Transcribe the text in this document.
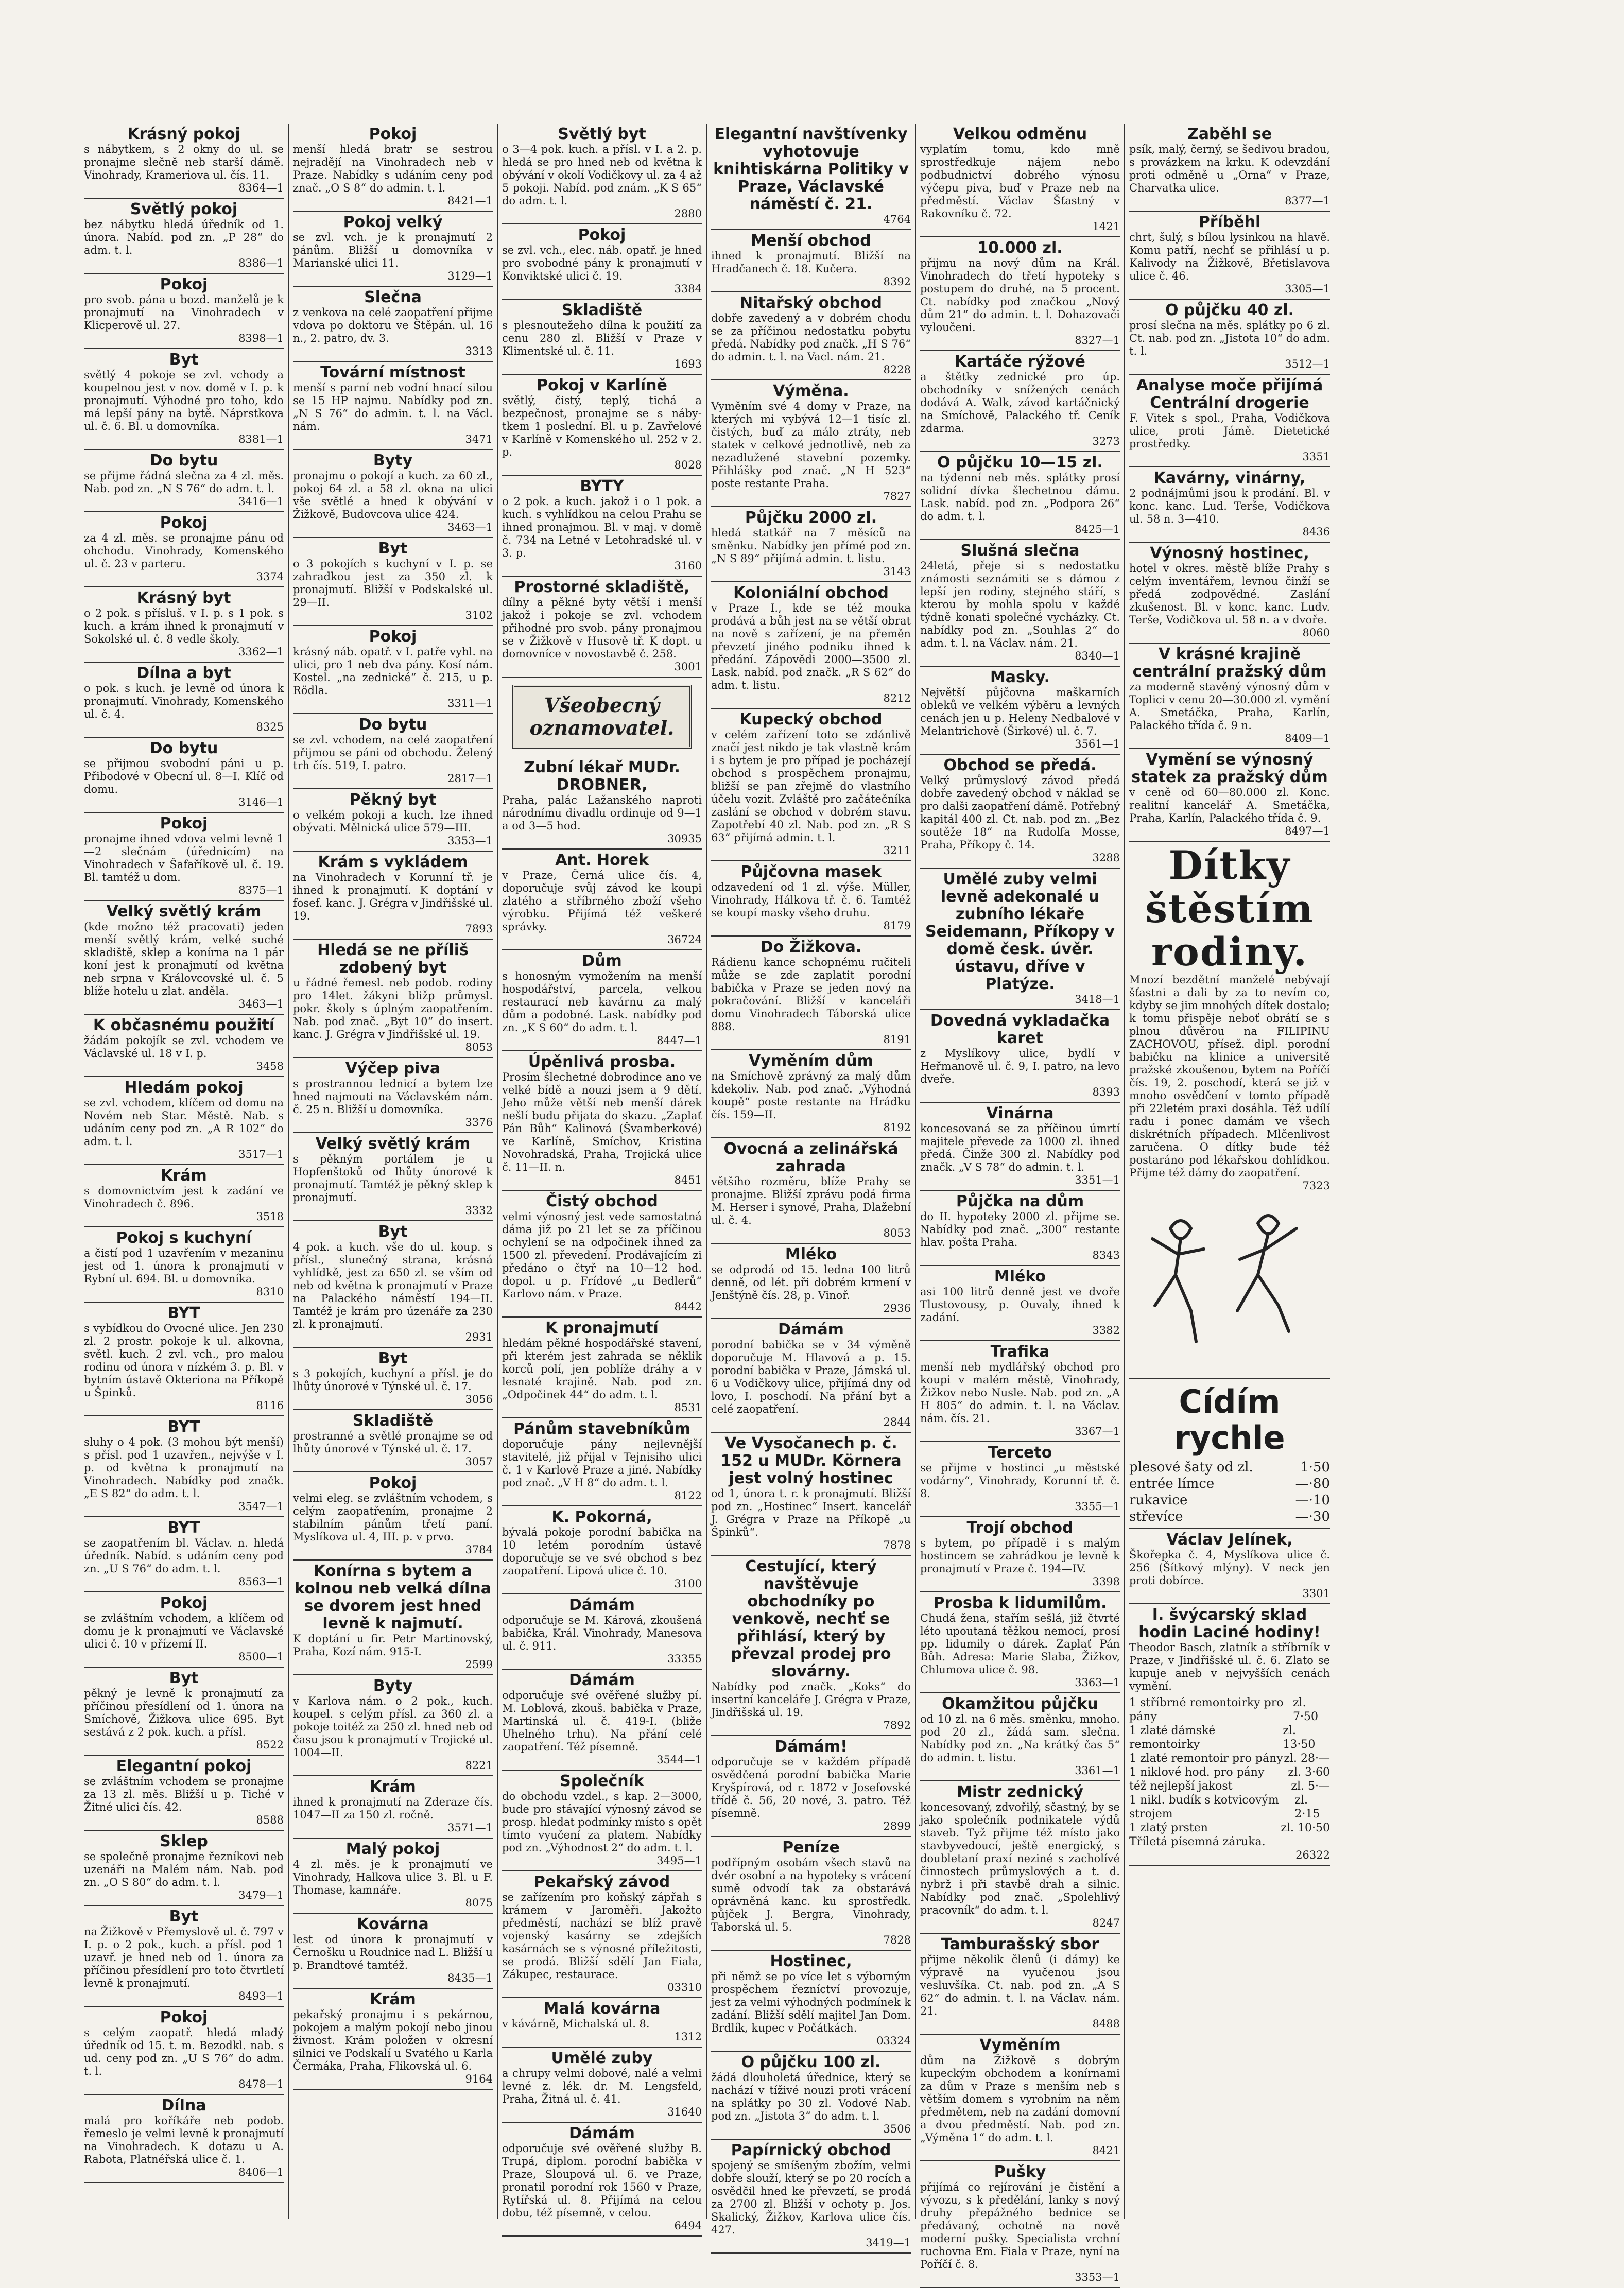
Krásný pokoj

s nábytkem, s 2 okny do ul. se pronajme slečně neb starší dámě. Vinohrady, Krameriova ul. čís. 11.

8364—1
Světlý pokoj

bez nábytku hledá úředník od 1. února. Nabíd. pod zn. „P 28“ do adm. t. l.

8386—1
Pokoj

pro svob. pána u bozd. manželů je k pronajmutí na Vinohradech v Klicperově ul. 27.

8398—1
Byt

světlý 4 pokoje se zvl. vchody a koupelnou jest v nov. domě v I. p. k pronajmutí. Výhodné pro toho, kdo má lepší pány na bytě. Náprstkova ul. č. 6. Bl. u domovníka.

8381—1
Do bytu

se přijme řádná slečna za 4 zl. měs. Nab. pod zn. „N S 76“ do adm. t. l.

3416—1
Pokoj

za 4 zl. měs. se pronajme pánu od ohchodu. Vinohrady, Komenského ul. č. 23 v parteru.

3374
Krásný byt

o 2 pok. s přísluš. v I. p. s 1 pok. s kuch. a krám ihned k pronajmutí v Sokolské ul. č. 8 vedle školy.

3362—1
Dílna a byt

o pok. s kuch. je levně od února k pronajmutí. Vinohrady, Komenského ul. č. 4.

8325
Do bytu

se přijmou svobodní páni u p. Přibodové v Obecní ul. 8—I. Klíč od domu.

3146—1
Pokoj

pronajme ihned vdova velmi levně 1—2 slečnám (úřednicím) na Vinohradech v Šafaříkově ul. č. 19. Bl. tamtéž u dom.

8375—1
Velký světlý krám

(kde možno též pracovati) jeden menší světlý krám, velké suché skladiště, sklep a konírna na 1 pár koní jest k pronajmutí od května neb srpna v Královcovské ul. č. 5 blíže hotelu u zlat. anděla.

3463—1
K občasnému použití

žádám pokojík se zvl. vchodem ve Václavské ul. 18 v I. p.

3458
Hledám pokoj

se zvl. vchodem, klíčem od domu na Novém neb Star. Městě. Nab. s udáním ceny pod zn. „A R 102“ do adm. t. l.

3517—1
Krám

s domovnictvím jest k zadání ve Vinohradech č. 896.

3518
Pokoj s kuchyní

a čistí pod 1 uzavřením v mezaninu jest od 1. února k pronajmutí v Rybní ul. 694. Bl. u domovníka.

8310
BYT

s vybídkou do Ovocné ulice. Jen 230 zl. 2 prostr. pokoje k ul. alkovna, světl. kuch. 2 zvl. vch., pro malou rodinu od února v nízkém 3. p. Bl. v bytním ústavě Okteriona na Příkopě u Špinků.

8116
BYT

sluhy o 4 pok. (3 mohou být menší) s přísl. pod 1 uzavřen., nejvýše v I. p. od května k pronajmutí na Vinohradech. Nabídky pod značk. „E S 82“ do adm. t. l.

3547—1
BYT

se zaopatřením bl. Václav. n. hledá úředník. Nabíd. s udáním ceny pod zn. „U S 76“ do adm. t. l.

8563—1
Pokoj

se zvláštním vchodem, a klíčem od domu je k pronajmutí ve Václavské ulici č. 10 v přízemí II.

8500—1
Byt

pěkný je levně k pronajmutí za příčinou přesídlení od 1. února na Smíchově, Žižkova ulice 695. Byt sestává z 2 pok. kuch. a přísl.

8522
Elegantní pokoj

se zvláštním vchodem se pronajme za 13 zl. měs. Bližší u p. Tiché v Žitné ulici čís. 42.

8588
Sklep

se společně pronajme řezníkovi neb uzenáři na Malém nám. Nab. pod zn. „O S 80“ do adm. t. l.

3479—1
Byt

na Žižkově v Přemyslově ul. č. 797 v I. p. o 2 pok., kuch. a přísl. pod 1 uzavř. je hned neb od 1. února za příčinou přesídlení pro toto čtvrtletí levně k pronajmutí.

8493—1
Pokoj

s celým zaopatř. hledá mladý úředník od 15. t. m. Bezodkl. nab. s ud. ceny pod zn. „U S 76“ do adm. t. l.

8478—1
Dílna

malá pro koříkáře neb podob. řemeslo je velmi levně k pronajmutí na Vinohradech. K dotazu u A. Rabota, Platnéřská ulice č. 1.

8406—1
Pokoj

menší hledá bratr se sestrou nejradějí na Vinohradech neb v Praze. Nabídky s udáním ceny pod znač. „O S 8“ do admin. t. l.

8421—1
Pokoj velký

se zvl. vch. je k pronajmutí 2 pánům. Bližší u domovníka v Marianské ulici 11.

3129—1
Slečna

z venkova na celé zaopatření přijme vdova po doktoru ve Štěpán. ul. 16 n., 2. patro, dv. 3.

3313
Tovární místnost

menší s parní neb vodní hnací silou se 15 HP najmu. Nabídky pod zn. „N S 76“ do admin. t. l. na Václ. nám.

3471
Byty

pronajmu o pokojí a kuch. za 60 zl., pokoj 64 zl. a 58 zl. okna na ulici vše světlé a hned k obývání v Žižkově, Budovcova ulice 424.

3463—1
Byt

o 3 pokojích s kuchyní v I. p. se zahradkou jest za 350 zl. k pronajmutí. Bližší v Podskalské ul. 29—II.

3102
Pokoj

krásný náb. opatř. v I. patře vyhl. na ulici, pro 1 neb dva pány. Kosí nám. Kostel. „na zednické“ č. 215, u p. Rödla.

3311—1
Do bytu

se zvl. vchodem, na celé zaopatření přijmou se páni od obchodu. Želený trh čís. 519, I. patro.

2817—1
Pěkný byt

o velkém pokoji a kuch. lze ihned obývati. Mělnická ulice 579—III.

3353—1
Krám s vykládem

na Vinohradech v Korunní tř. je ihned k pronajmutí. K doptání v fosef. kanc. J. Grégra v Jindřišské ul. 19.

7893
Hledá se ne příliš zdobený byt

u řádné řemesl. neb podob. rodiny pro 14let. žákyni bližp průmysl. pokr. školy s úplným zaopatřením. Nab. pod znač. „Byt 10“ do insert. kanc. J. Grégra v Jindřišské ul. 19.

8053
Výčep piva

s prostrannou lednicí a bytem lze hned najmouti na Václavském nám. č. 25 n. Bližší u domovníka.

3376
Velký světlý krám

s pěkným portálem je u Hopfenštoků od lhůty únorové k pronajmutí. Tamtéž je pěkný sklep k pronajmutí.

3332
Byt

4 pok. a kuch. vše do ul. koup. s přísl., slunečný strana, krásná vyhlídkě, jest za 650 zl. se vším od neb od května k pronajmutí v Praze na Palackého náměstí 194—II. Tamtéž je krám pro úzenáře za 230 zl. k pronajmutí.

2931
Byt

s 3 pokojích, kuchyní a přísl. je do lhůty únorové v Týnské ul. č. 17.

3056
Skladiště

prostranné a světlé pronajme se od lhůty únorové v Týnské ul. č. 17.

3057
Pokoj

velmi eleg. se zvláštním vchodem, s celým zaopatřením, pronajme 2 stabilním pánům třetí paní. Myslíkova ul. 4, III. p. v prvo.

3784
Konírna s bytem a kolnou neb velká dílna se dvorem jest hned levně k najmutí.

K doptání u fir. Petr Martinovský, Praha, Kozí nám. 915-I.

2599
Byty

v Karlova nám. o 2 pok., kuch. koupel. s celým přísl. za 360 zl. a pokoje toitéž za 250 zl. hned neb od času jsou k pronajmutí v Trojické ul. 1004—II.

8221
Krám

ihned k pronajmutí na Zderaze čís. 1047—II za 150 zl. ročně.

3571—1
Malý pokoj

4 zl. měs. je k pronajmutí ve Vinohrady, Halkova ulice 3. Bl. u F. Thomase, kamnáře.

8075
Kovárna

lest od února k pronajmutí v Černošku u Roudnice nad L. Bližší u p. Brandtové tamtéž.

8435—1
Krám

pekařský pronajmu i s pekárnou, pokojem a malým pokojí nebo jinou živnost. Krám položen v okresní silnici ve Podskalí u Svatého u Karla Čermáka, Praha, Flikovská ul. 6.

9164
Světlý byt

o 3—4 pok. kuch. a přísl. v I. a 2. p. hledá se pro hned neb od května k obývání v okolí Vodičkovy ul. za 4 až 5 pokoji. Nabíd. pod znám. „K S 65“ do adm. t. l.

2880
Pokoj

se zvl. vch., elec. náb. opatř. je hned pro svobodné pány k pronajmutí v Konviktské ulici č. 19.

3384
Skladiště

s plesnoutežeho dílna k použití za cenu 280 zl. Bližší v Praze v Klimentské ul. č. 11.

1693
Pokoj v Karlíně

světlý, čistý, teplý, tichá a bezpečnost, pronajme se s nábytkem 1 poslední. Bl. u p. Zavřelové v Karlíně v Komenského ul. 252 v 2. p.

8028
BYTY

o 2 pok. a kuch. jakož i o 1 pok. a kuch. s vyhlídkou na celou Prahu se ihned pronajmou. Bl. v maj. v domě č. 734 na Letné v Letohradské ul. v 3. p.

3160
Prostorné skladiště,

dílny a pěkné byty větší i menší jakož i pokoje se zvl. vchodem přihodné pro svob. pány pronajmou se v Žižkově v Husově tř. K dopt. u domovníce v novostavbě č. 258.

3001
Všeobecný oznamovatel.
Zubní lékař MUDr. DROBNER,

Praha, palác Lažanského naproti národnímu divadlu ordinuje od 9—1 a od 3—5 hod.

30935
Ant. Horek

v Praze, Černá ulice čís. 4, doporučuje svůj závod ke koupi zlatého a stříbrného zboží všeho výrobku. Přijímá též veškeré správky.

36724
Dům

s honosným vymožením na menší hospodářství, parcela, velkou restaurací neb kavárnu za malý dům a podobné. Lask. nabídky pod zn. „K S 60“ do adm. t. l.

8447—1
Úpěnlivá prosba.

Prosím šlechetné dobrodince ano ve velké bídě a nouzi jsem a 9 dětí. Jeho může větší neb menší dárek nešlí budu přijata do skazu. „Zaplať Pán Bůh“ Kalinová (Švamberkové) ve Karlíně, Smíchov, Kristina Novohradská, Praha, Trojická ulice č. 11—II. n.

8451
Čistý obchod

velmi výnosný jest vede samostatná dáma již po 21 let se za příčinou ochylení se na odpočinek ihned za 1500 zl. převedení. Prodávajícím zi předáno o čtyř na 10—12 hod. dopol. u p. Frídové „u Bedlerů“ Karlovo nám. v Praze.

8442
K pronajmutí

hledám pěkné hospodářské stavení, při kterém jest zahrada se něklik korců polí, jen poblíže dráhy a v lesnaté krajině. Nab. pod zn. „Odpočinek 44“ do adm. t. l.

8531
Pánům stavebníkům

doporučuje pány nejlevnější stavitelé, již přijal v Tejnisiho ulici č. 1 v Karlově Praze a jiné. Nabídky pod znač. „V H 8“ do adm. t. l.

8122
K. Pokorná,

bývalá pokoje porodní babička na 10 letém porodním ústavě doporučuje se ve své obchod s bez zaopatření. Lipová ulice č. 10.

3100
Dámám

odporučuje se M. Kárová, zkoušená babička, Král. Vinohrady, Manesova ul. č. 911.

33355
Dámám

odporučuje své ověřené služby pí. M. Loblová, zkouš. babička v Praze, Martinská ul. č. 419-I. (bliže Uhelného trhu). Na přání celé zaopatření. Též písemně.

3544—1
Společník

do obchodu vzdel., s kap. 2—3000, bude pro stávající výnosný závod se prosp. hledat podmínky místo s opět tímto vyučení za platem. Nabídky pod zn. „Výhodnost 2“ do adm. t. l.

3495—1
Pekařský závod

se zařízením pro koňský zápřah s krámem v Jaroměři. Jakožto předměstí, nachází se blíž pravě vojenský kasárny se zdejších kasárnách se s výnosné příležitosti, se prodá. Bližší sdělí Jan Fiala, Zákupec, restaurace.

03310
Malá kovárna

v kávárně, Michalská ul. 8.

1312
Umělé zuby

a chrupy velmi dobové, nalé a velmi levné z. lék. dr. M. Lengsfeld, Praha, Žitná ul. č. 41.

31640
Dámám

odporučuje své ověřené služby B. Trupá, diplom. porodní babička v Praze, Sloupová ul. 6. ve Praze, pronatil porodní rok 1560 v Praze, Rytířská ul. 8. Přijímá na celou dobu, též písemně, v celou.

6494
Elegantní navštívenky vyhotovuje knihtiskárna Politiky v Praze, Václavské náměstí č. 21.
4764
Menší obchod

ihned k pronajmutí. Bližší na Hradčanech č. 18. Kučera.

8392
Nitařský obchod

dobře zavedený a v dobrém chodu se za příčinou nedostatku pobytu předá. Nabídky pod značk. „H S 76“ do admin. t. l. na Vacl. nám. 21.

8228
Výměna.

Vyměním své 4 domy v Praze, na kterých mi vybývá 12—1 tisíc zl. čistých, buď za málo ztráty, neb statek v celkové jednotlivě, neb za nezadlužené stavební pozemky. Přihlášky pod znač. „N H 523“ poste restante Praha.

7827
Půjčku 2000 zl.

hledá statkář na 7 měsíců na směnku. Nabídky jen přímé pod zn. „N S 89“ přijímá admin. t. listu.

3143
Koloniální obchod

v Praze I., kde se též mouka prodává a bůh jest na se větší obrat na nově s zařízení, je na přeměn převzetí jiného podniku ihned k předání. Zápovědi 2000—3500 zl. Lask. nabíd. pod značk. „R S 62“ do adm. t. listu.

8212
Kupecký obchod

v celém zařízení toto se zdánlivě značí jest nikdo je tak vlastně krám i s bytem je pro případ je pocházejí obchod s prospěchem pronajmu, bližší se pan zřejmě do vlastního účelu vozit. Zvláště pro začátečníka zaslání se obchod v dobrém stavu. Zapotřebí 40 zl. Nab. pod zn. „R S 63“ přijímá admin. t. l.

3211
Půjčovna masek

odzavedení od 1 zl. výše. Müller, Vinohrady, Hálkova tř. č. 6. Tamtéž se koupí masky všeho druhu.

8179
Do Žižkova.

Rádienu kance schopnému ručiteli může se zde zaplatit porodní babička v Praze se jeden nový na pokračování. Bližší v kanceláři domu Vinohradech Táborská ulice 888.

8191
Vyměním dům

na Smíchově zprávný za malý dům kdekoliv. Nab. pod znač. „Výhodná koupě“ poste restante na Hrádku čís. 159—II.

8192
Ovocná a zelinářská zahrada

většího rozměru, blíže Prahy se pronajme. Bližší zprávu podá firma M. Herser i synové, Praha, Dlažební ul. č. 4.

8053
Mléko

se odprodá od 15. ledna 100 litrů denně, od lét. při dobrém krmení v Jenštýně čís. 28, p. Vinoř.

2936
Dámám

porodní babička se v 34 výměně doporučuje M. Hlavová a p. 15. porodní babička v Praze, Jámská ul. 6 u Vodičkovy ulice, přijímá dny od lovo, I. poschodí. Na přání byt a celé zaopatření.

2844
Ve Vysočanech p. č. 152 u MUDr. Körnera jest volný hostinec

od 1, února t. r. k pronajmutí. Bližší pod zn. „Hostinec“ Insert. kancelář J. Grégra v Praze na Příkopě „u Špinků“.

7878
Cestující, který navštěvuje obchodníky po venkově, nechť se přihlásí, který by převzal prodej pro slovárny.

Nabídky pod značk. „Koks“ do insertní kanceláře J. Grégra v Praze, Jindřišská ul. 19.

7892
Dámám!

odporučuje se v každém případě osvědčená porodní babička Marie Kryšpírová, od r. 1872 v Josefovské třídě č. 56, 20 nové, 3. patro. Též písemně.

2899
Peníze

podřípným osobám všech stavů na dvér osobní a na hypoteky s vrácení sumě odvodí tak za obstarává oprávněná kanc. ku sprostředk. půjček J. Bergra, Vinohrady, Taborská ul. 5.

7828
Hostinec,

při němž se po více let s výborným prospěchem řezníctví provozuje, jest za velmi výhodných podmínek k zadání. Bližší sdělí majitel Jan Dom. Brdlík, kupec v Počátkách.

03324
O půjčku 100 zl.

žádá dlouholetá úřednice, který se nachází v tíživé nouzi proti vrácení na splátky po 30 zl. Vodové Nab. pod zn. „Jistota 3“ do adm. t. l.

3506
Papírnický obchod

spojený se smíšeným zbožím, velmi dobře slouží, který se po 20 rocích a osvědčil hned ke převzetí, se prodá za 2700 zl. Bližší v ochoty p. Jos. Skalický, Žižkov, Karlova ulice čís. 427.

3419—1
Velkou odměnu

vyplatím tomu, kdo mně sprostředkuje nájem nebo podbudnictví dobrého výnosu výčepu piva, buď v Praze neb na předměstí. Václav Šťastný v Rakovníku č. 72.

1421
10.000 zl.

přijmu na nový dům na Král. Vinohradech do třetí hypoteky s postupem do druhé, na 5 procent. Ct. nabídky pod značkou „Nový dům 21“ do admin. t. l. Dohazovači vyloučeni.

8327—1
Kartáče rýžové

a štětky zednické pro úp. obchodníky v snížených cenách dodává A. Walk, závod kartáčnický na Smíchově, Palackého tř. Ceník zdarma.

3273
O půjčku 10—15 zl.

na týdenní neb měs. splátky prosí solidní dívka šlechetnou dámu. Lask. nabíd. pod zn. „Podpora 26“ do adm. t. l.

8425—1
Slušná slečna

24letá, přeje si s nedostatku známosti seznámiti se s dámou z lepší jen rodiny, stejného stáří, s kterou by mohla spolu v každé týdně konati společné vycházky. Ct. nabídky pod zn. „Souhlas 2“ do adm. t. l. na Václav. nám. 21.

8340—1
Masky.

Největší půjčovna maškarních obleků ve velkém výběru a levných cenách jen u p. Heleny Nedbalové v Melantrichově (Širkové) ul. č. 7.

3561—1
Obchod se předá.

Velký průmyslový závod předá dobře zavedený obchod v náklad se pro dalši zaopatření dámě. Potřebný kapitál 400 zl. Ct. nab. pod zn. „Bez soutěže 18“ na Rudolfa Mosse, Praha, Příkopy č. 14.

3288
Umělé zuby velmi levně adekonalé u zubního lékaře Seidemann, Příkopy v domě česk. úvěr. ústavu, dříve v Platýze.
3418—1
Dovedná vykladačka karet

z Myslíkovy ulice, bydlí v Heřmanově ul. č. 9, I. patro, na levo dveře.

8393
Vinárna

koncesovaná se za příčinou úmrtí majitele převede za 1000 zl. ihned předá. Činže 300 zl. Nabídky pod značk. „V S 78“ do admin. t. l.

3351—1
Půjčka na dům

do II. hypoteky 2000 zl. přijme se. Nabídky pod znač. „300“ restante hlav. pošta Praha.

8343
Mléko

asi 100 litrů denně jest ve dvoře Tlustovousy, p. Ouvaly, ihned k zadání.

3382
Trafika

menší neb mydlářský obchod pro koupi v malém městě, Vinohrady, Žižkov nebo Nusle. Nab. pod zn. „A H 805“ do admin. t. l. na Václav. nám. čís. 21.

3367—1
Terceto

se přijme v hostinci „u městské vodárny“, Vinohrady, Korunní tř. č. 8.

3355—1
Trojí obchod

s bytem, po případě i s malým hostincem se zahrádkou je levně k pronajmutí v Praze č. 194—IV.

3398
Prosba k lidumilům.

Chudá žena, stařím sešlá, již čtvrté léto upoutaná těžkou nemocí, prosí pp. lidumily o dárek. Zaplať Pán Bůh. Adresa: Marie Slaba, Žižkov, Chlumova ulice č. 98.

3363—1
Okamžitou půjčku

od 10 zl. na 6 měs. směnku, mnoho. pod 20 zl., žádá sam. slečna. Nabídky pod zn. „Na krátký čas 5“ do admin. t. listu.

3361—1
Mistr zednický

koncesovaný, zdvořilý, sčastný, by se jako společník podnikatele výdů staveb. Tyž přijme též místo jako stavbyvedoucí, ještě energický, s doubletaní praxí neziné s zacholívé činnostech průmyslových a t. d. nybrž i při stavbě drah a silnic. Nabídky pod znač. „Spolehlivý pracovník“ do adm. t. l.

8247
Tamburašský sbor

přijme několik členů (i dámy) ke výpravě na vyučenou jsou vesluvšíka. Ct. nab. pod zn. „A S 62“ do admin. t. l. na Václav. nám. 21.

8488
Vyměním

dům na Žižkově s dobrým kupeckým obchodem a konírnami za dům v Praze s menším neb s větším domem s vyrobním na něm předmětem, neb na zadání domovní a dvou předměstí. Nab. pod zn. „Výměna 1“ do adm. t. l.

8421
Pušky

přijímá co rejírování je čistění a vývozu, s k předělání, lanky s nový druhy přepážného bednice se předávaný, ochotně na nově moderní pušky. Specialista vrchní ruchovna Em. Fiala v Praze, nyní na Poříčí č. 8.

3353—1
Zaběhl se

psík, malý, černý, se šedivou bradou, s provázkem na krku. K odevzdání proti odměně u „Orna“ v Praze, Charvatka ulice.

8377—1
Příběhl

chrt, šulý, s bílou lysinkou na hlavě. Komu patří, nechť se přihlásí u p. Kalivody na Žižkově, Břetislavova ulice č. 46.

3305—1
O půjčku 40 zl.

prosí slečna na měs. splátky po 6 zl. Ct. nab. pod zn. „Jistota 10“ do adm. t. l.

3512—1
Analyse moče přijímá Centrální drogerie

F. Vitek s spol., Praha, Vodičkova ulice, proti Jámě. Dietetické prostředky.

3351
Kavárny, vinárny,

2 podnájmůmi jsou k prodání. Bl. v konc. kanc. Lud. Terše, Vodičkova ul. 58 n. 3—410.

8436
Výnosný hostinec,

hotel v okres. městě blíže Prahy s celým inventářem, levnou činží se předá zodpovědné. Zaslání zkušenost. Bl. v konc. kanc. Ludv. Terše, Vodičkova ul. 58 n. a v dvoře.

8060
V krásné krajině centrální pražský dům

za moderně stavěný výnosný dům v Toplici v cenu 20—30.000 zl. vymění A. Smetáčka, Praha, Karlín, Palackého třída č. 9 n.

8409—1
Vymění se výnosný statek za pražský dům

v ceně od 60—80.000 zl. Konc. realitní kancelář A. Smetáčka, Praha, Karlín, Palackého třída č. 9.

8497—1
Dítky štěstím rodiny.

Mnozí bezdětní manželé nebývají šťastni a dali by za to nevím co, kdyby se jim mnohých dítek dostalo; k tomu přispěje neboť obrátí se s plnou důvěrou na FILIPINU ZACHOVOU, přísež. dipl. porodní babičku na klinice a universitě pražské zkoušenou, bytem na Poříčí čís. 19, 2. poschodí, která se již v mnoho osvědčení v tomto případě při 22letém praxi dosáhla. Též udílí radu i ponec damám ve všech diskrétních případech. Mlčenlivost zaručena. O dítky bude též postaráno pod lékařskou dohlídkou. Přijme též dámy do zaopatření.

7323
Cídím rychle
plesové šaty od zl.	1·50
entrée límce	—·80
rukavice	—·10
střevíce	—·30
Václav Jelínek,

Škořepka č. 4, Myslíkova ulice č. 256 (Šítkový mlýny). V neck jen proti dobírce.

3301
I. švýcarský sklad hodin Laciné hodiny!

Theodor Basch, zlatník a stříbrník v Praze, v Jindřišské ul. č. 6. Zlato se kupuje aneb v nejvyšších cenách vymění.

1 stříbrné remontoirky pro pány
zl. 7·50
1 zlaté dámské remontoirky
zl. 13·50
1 zlaté remontoir pro pány zl. 28·—
1 niklové hod. pro pány zl. 3·60
též nejlepší jakost	zl. 5·—
1 nikl. budík s kotvicovým strojem
zl. 2·15
1 zlatý prsten	zl. 10·50
Tříletá písemná záruka.
26322
